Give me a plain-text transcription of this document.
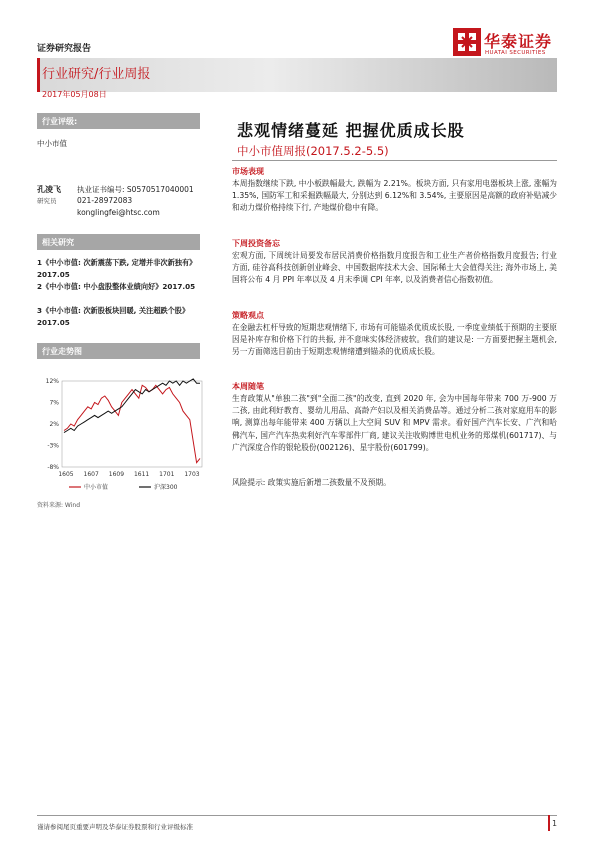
华泰证券
HUATAI SECURITIES
证券研究报告
行业研究/行业周报
2017年05月08日
行业评级:
中小市值
孔凌飞
研究员
执业证书编号: S0570517040001
021-28972083
konglingfei@htsc.com
相关研究
1《中小市值: 次新震荡下跌, 定增并非次新独有》2017.05
2《中小市值: 中小盘股整体业绩向好》2017.05
3《中小市值: 次新股板块回暖, 关注超跌个股》2017.05
行业走势图
12%
7%
2%
-3%
-8%
1605 1607 1609 1611 1701 1703
中小市值	沪深300
资料来源: Wind
悲观情绪蔓延 把握优质成长股
中小市值周报(2017.5.2-5.5)
市场表现
本周指数继续下跌, 中小板跌幅最大, 跌幅为 2.21%。板块方面, 只有家用电器板块上涨, 涨幅为 1.35%, 国防军工和采掘跌幅最大, 分别达到 6.12%和 3.54%, 主要原因是高额的政府补贴减少和动力煤价格持续下行, 产地煤价稳中有降。
下周投资备忘
宏观方面, 下周统计局要发布居民消费价格指数月度报告和工业生产者价格指数月度报告; 行业方面, 硅谷高科技创新创业峰会、中国数据库技术大会、国际稀土大会值得关注; 海外市场上, 美国将公布 4 月 PPI 年率以及 4 月末季调 CPI 年率, 以及消费者信心指数初值。
策略观点
在金融去杠杆导致的短期悲观情绪下, 市场有可能锚杀优质成长股, 一季度业绩低于预期的主要原因是补库存和价格下行的共振, 并不意味实体经济疲软。我们的建议是: 一方面要把握主题机会, 另一方面筛选目前由于短期悲观情绪遭到锚杀的优质成长股。
本周随笔
生育政策从"单独二孩"到"全面二孩"的改变, 直到 2020 年, 会为中国每年带来 700 万-900 万二孩, 由此利好教育、婴幼儿用品、高龄产妇以及相关消费品等。通过分析二孩对家庭用车的影响, 测算出每年能带来 400 万辆以上大空间 SUV 和 MPV 需求。看好国产汽车长安、广汽和哈佛汽车, 国产汽车热卖利好汽车零部件厂商, 建议关注收购博世电机业务的郑煤机(601717)、与广汽深度合作的银轮股份(002126)、星宇股份(601799)。
风险提示: 政策实施后新增二孩数量不及预期。
谨请参阅尾页重要声明及华泰证券股票和行业评级标准	1
